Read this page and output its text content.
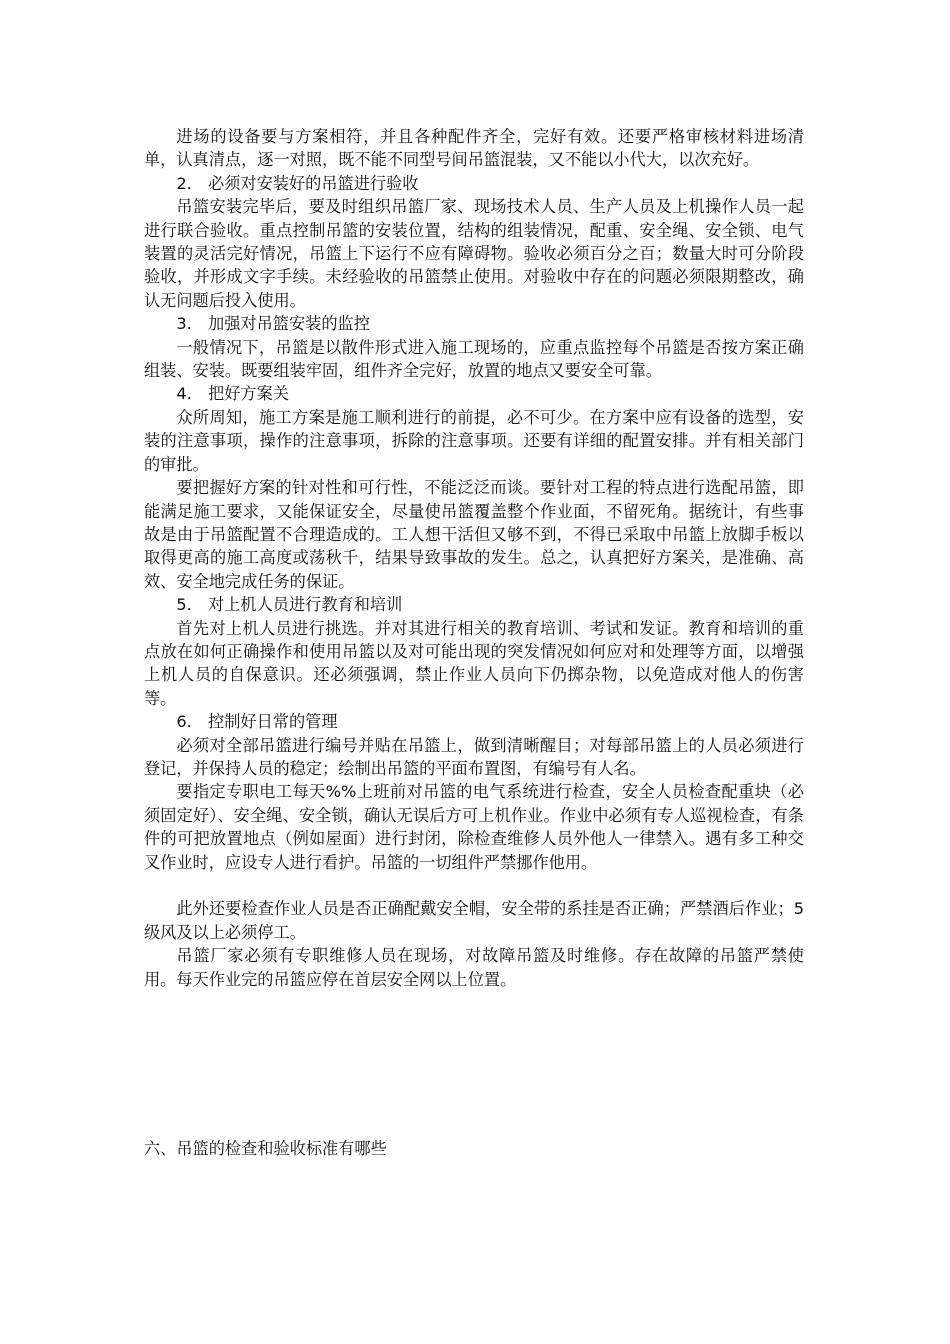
进场的设备要与方案相符，并且各种配件齐全，完好有效。还要严格审核材料进场清单，认真清点，逐一对照，既不能不同型号间吊篮混装，又不能以小代大，以次充好。

2． 必须对安装好的吊篮进行验收

吊篮安装完毕后，要及时组织吊篮厂家、现场技术人员、生产人员及上机操作人员一起进行联合验收。重点控制吊篮的安装位置，结构的组装情况，配重、安全绳、安全锁、电气装置的灵活完好情况，吊篮上下运行不应有障碍物。验收必须百分之百；数量大时可分阶段验收，并形成文字手续。未经验收的吊篮禁止使用。对验收中存在的问题必须限期整改，确认无问题后投入使用。

3． 加强对吊篮安装的监控

一般情况下，吊篮是以散件形式进入施工现场的，应重点监控每个吊篮是否按方案正确组装、安装。既要组装牢固，组件齐全完好，放置的地点又要安全可靠。

4． 把好方案关

众所周知，施工方案是施工顺利进行的前提，必不可少。在方案中应有设备的选型，安装的注意事项，操作的注意事项，拆除的注意事项。还要有详细的配置安排。并有相关部门的审批。

要把握好方案的针对性和可行性，不能泛泛而谈。要针对工程的特点进行选配吊篮，即能满足施工要求，又能保证安全，尽量使吊篮覆盖整个作业面，不留死角。据统计，有些事故是由于吊篮配置不合理造成的。工人想干活但又够不到，不得已采取中吊篮上放脚手板以取得更高的施工高度或荡秋千，结果导致事故的发生。总之，认真把好方案关，是准确、高效、安全地完成任务的保证。

5． 对上机人员进行教育和培训

首先对上机人员进行挑选。并对其进行相关的教育培训、考试和发证。教育和培训的重点放在如何正确操作和使用吊篮以及对可能出现的突发情况如何应对和处理等方面，以增强上机人员的自保意识。还必须强调，禁止作业人员向下仍掷杂物，以免造成对他人的伤害等。

6． 控制好日常的管理

必须对全部吊篮进行编号并贴在吊篮上，做到清晰醒目；对每部吊篮上的人员必须进行登记，并保持人员的稳定；绘制出吊篮的平面布置图，有编号有人名。

要指定专职电工每天%%上班前对吊篮的电气系统进行检查，安全人员检查配重块（必须固定好）、安全绳、安全锁，确认无误后方可上机作业。作业中必须有专人巡视检查，有条件的可把放置地点（例如屋面）进行封闭，除检查维修人员外他人一律禁入。遇有多工种交叉作业时，应设专人进行看护。吊篮的一切组件严禁挪作他用。

此外还要检查作业人员是否正确配戴安全帽，安全带的系挂是否正确；严禁酒后作业；5级风及以上必须停工。

吊篮厂家必须有专职维修人员在现场，对故障吊篮及时维修。存在故障的吊篮严禁使用。每天作业完的吊篮应停在首层安全网以上位置。

六、吊篮的检查和验收标准有哪些
